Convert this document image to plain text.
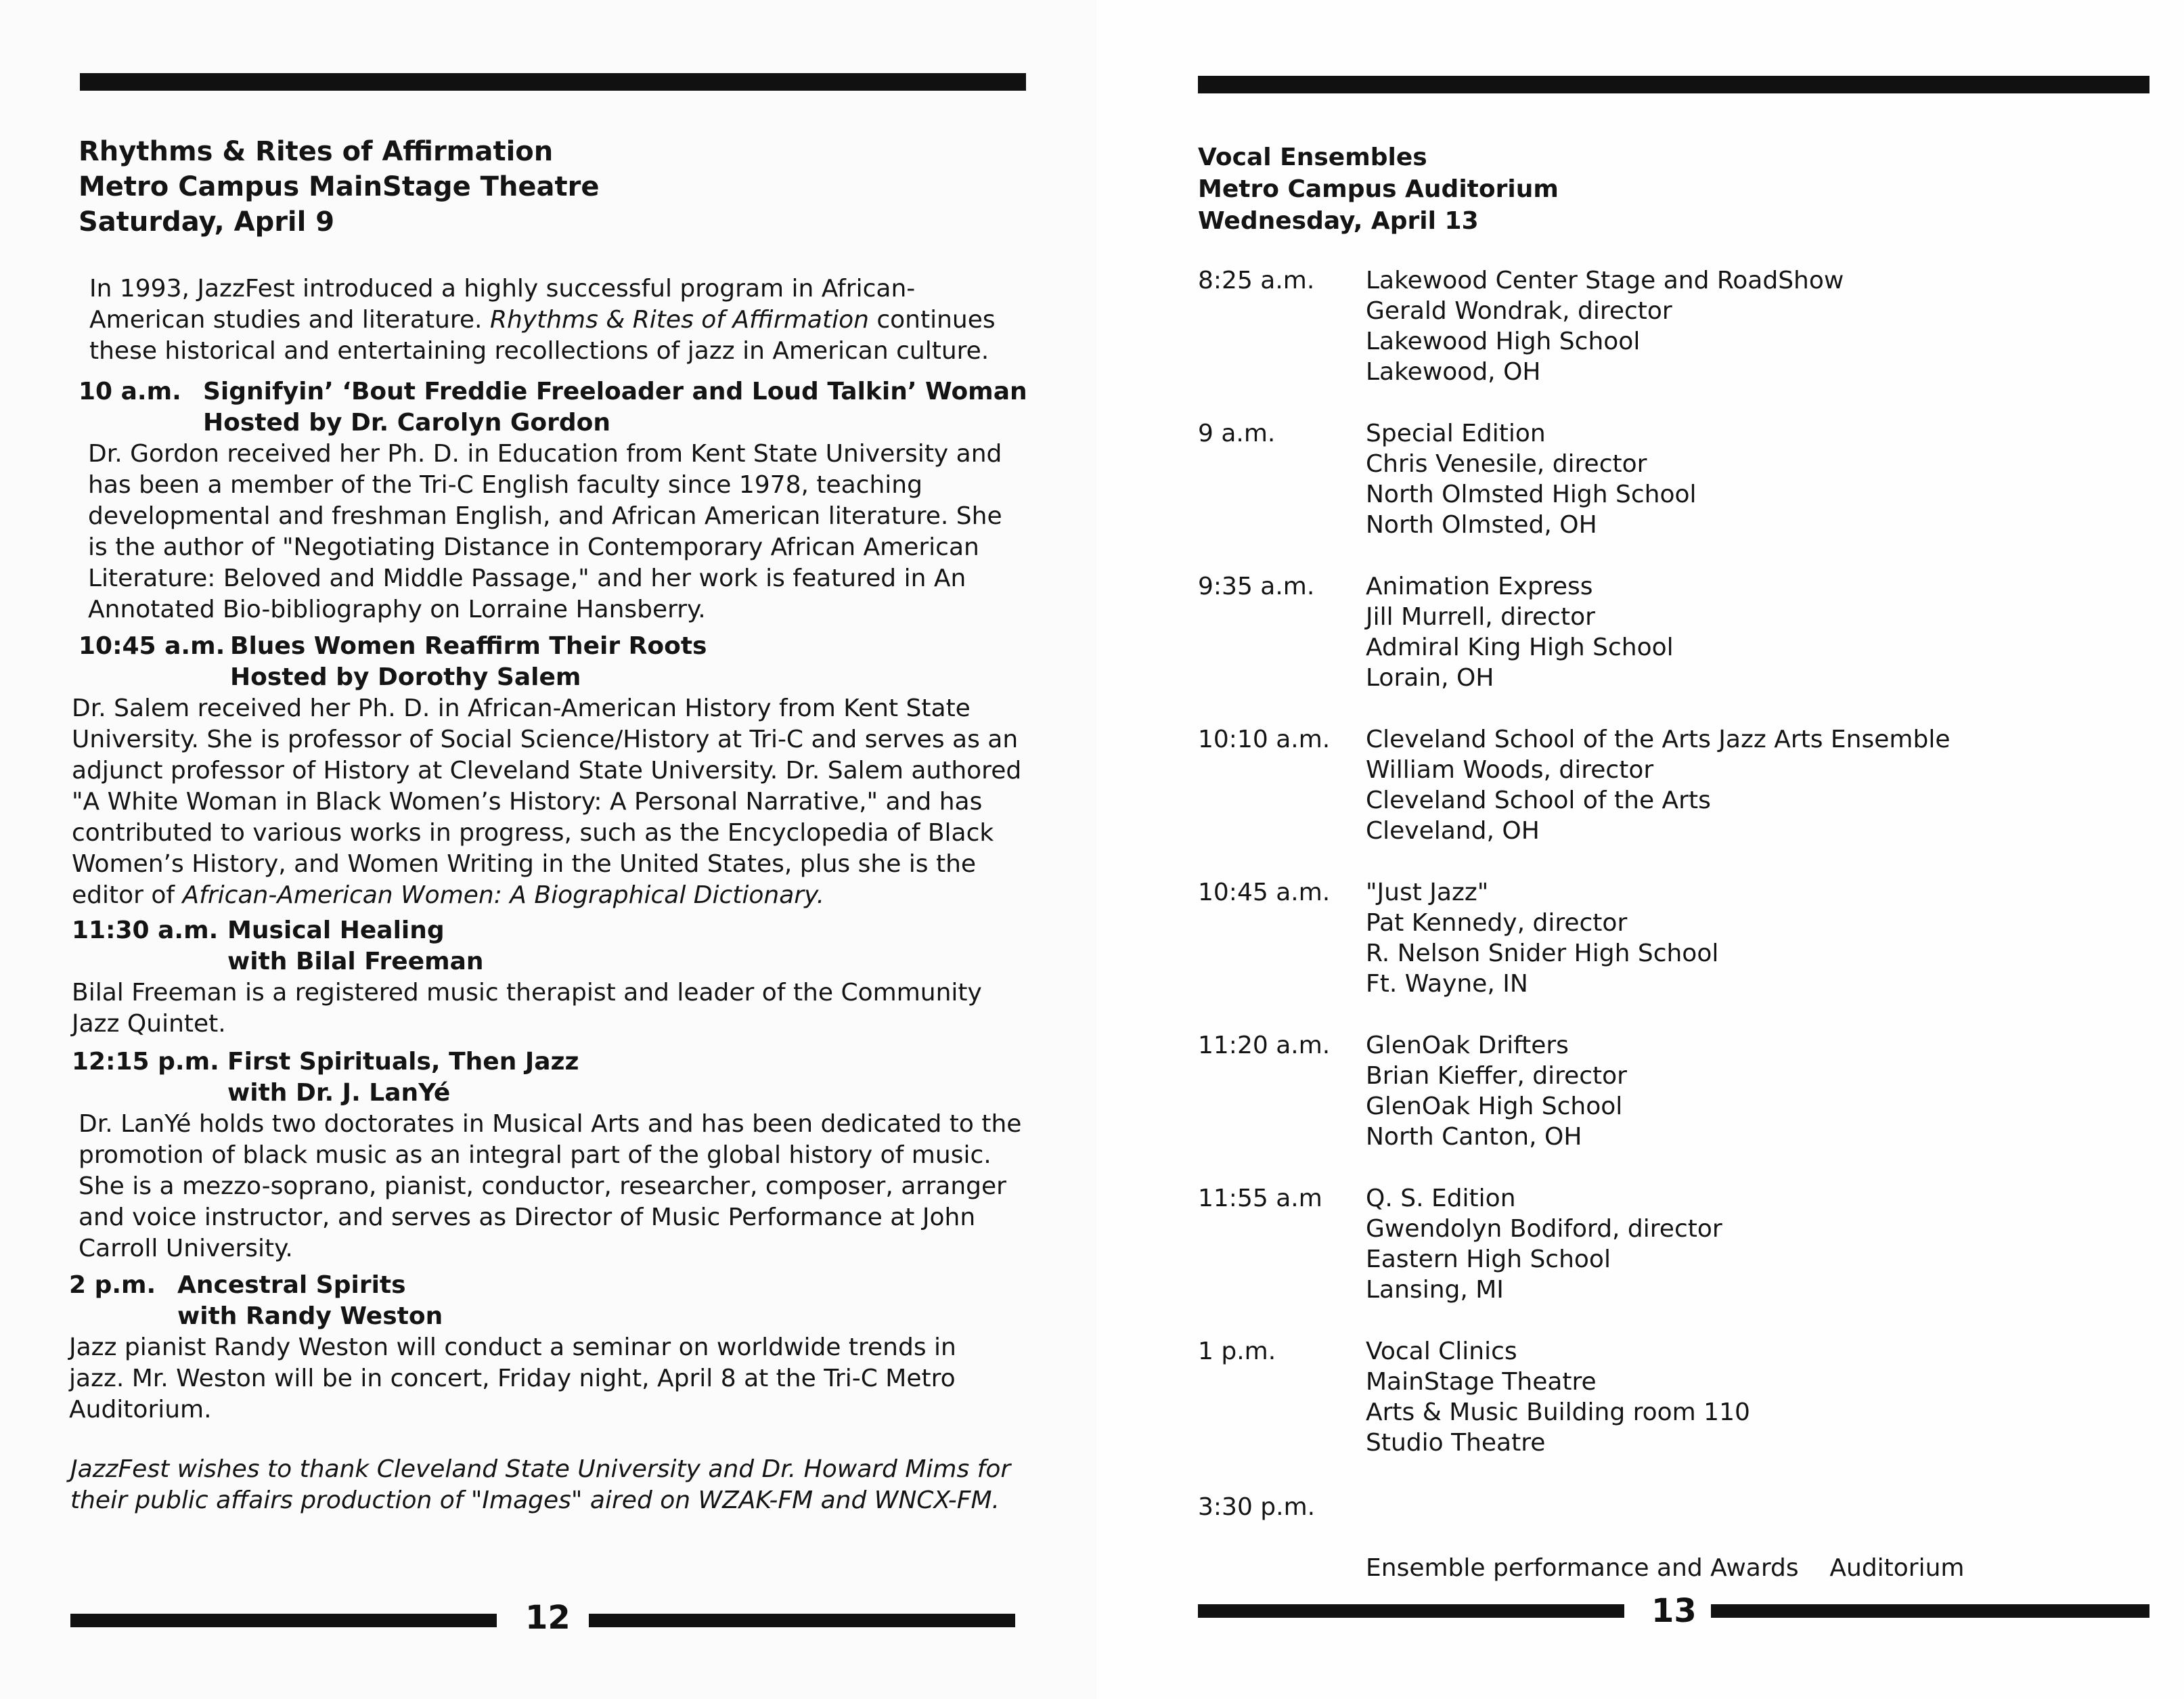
Rhythms & Rites of Affirmation
Metro Campus MainStage Theatre
Saturday, April 9
In 1993, JazzFest introduced a highly successful program in African-American studies and literature. Rhythms & Rites of Affirmation continues these historical and entertaining recollections of jazz in American culture.
10 a.m. Signifyin’ ‘Bout Freddie Freeloader and Loud Talkin’ Woman
Hosted by Dr. Carolyn Gordon
Dr. Gordon received her Ph. D. in Education from Kent State University and has been a member of the Tri-C English faculty since 1978, teaching developmental and freshman English, and African American literature. She is the author of "Negotiating Distance in Contemporary African American Literature: Beloved and Middle Passage," and her work is featured in An Annotated Bio-bibliography on Lorraine Hansberry.
10:45 a.m. Blues Women Reaffirm Their Roots
Hosted by Dorothy Salem
Dr. Salem received her Ph. D. in African-American History from Kent State University. She is professor of Social Science/History at Tri-C and serves as an adjunct professor of History at Cleveland State University. Dr. Salem authored "A White Woman in Black Women’s History: A Personal Narrative," and has contributed to various works in progress, such as the Encyclopedia of Black Women’s History, and Women Writing in the United States, plus she is the editor of African-American Women: A Biographical Dictionary.
11:30 a.m. Musical Healing
with Bilal Freeman
Bilal Freeman is a registered music therapist and leader of the Community Jazz Quintet.
12:15 p.m. First Spirituals, Then Jazz
with Dr. J. LanYé
Dr. LanYé holds two doctorates in Musical Arts and has been dedicated to the promotion of black music as an integral part of the global history of music. She is a mezzo-soprano, pianist, conductor, researcher, composer, arranger and voice instructor, and serves as Director of Music Performance at John Carroll University.
2 p.m. Ancestral Spirits
with Randy Weston
Jazz pianist Randy Weston will conduct a seminar on worldwide trends in jazz. Mr. Weston will be in concert, Friday night, April 8 at the Tri-C Metro Auditorium.
JazzFest wishes to thank Cleveland State University and Dr. Howard Mims for their public affairs production of "Images" aired on WZAK-FM and WNCX-FM.
12
Vocal Ensembles
Metro Campus Auditorium
Wednesday, April 13
8:25 a.m. Lakewood Center Stage and RoadShow
Gerald Wondrak, director
Lakewood High School
Lakewood, OH
9 a.m.	Special Edition
Chris Venesile, director
North Olmsted High School
North Olmsted, OH
9:35 a.m. Animation Express
Jill Murrell, director
Admiral King High School
Lorain, OH
10:10 a.m. Cleveland School of the Arts Jazz Arts Ensemble
William Woods, director
Cleveland School of the Arts
Cleveland, OH
10:45 a.m. "Just Jazz"
Pat Kennedy, director
R. Nelson Snider High School
Ft. Wayne, IN
11:20 a.m. GlenOak Drifters
Brian Kieffer, director
GlenOak High School
North Canton, OH
11:55 a.m Q. S. Edition
Gwendolyn Bodiford, director
Eastern High School
Lansing, MI
1 p.m.	Vocal Clinics
MainStage Theatre
Arts & Music Building room 110
Studio Theatre
3:30 p.m.

Ensemble performance and Awards    Auditorium

13
